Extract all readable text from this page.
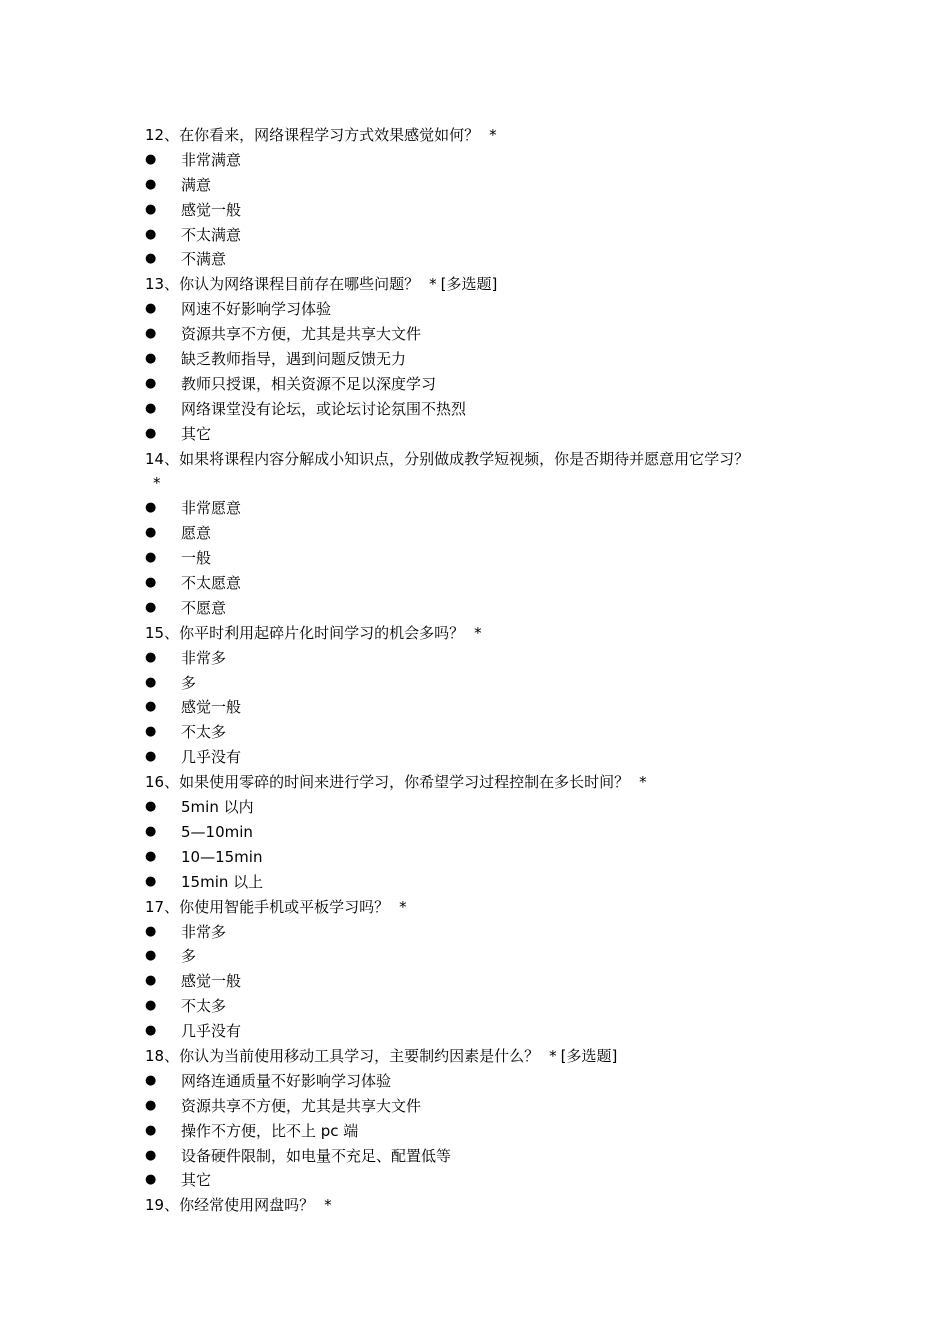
12、在你看来，网络课程学习方式效果感觉如何？ *
● 非常满意
● 满意
● 感觉一般
● 不太满意
● 不满意
13、你认为网络课程目前存在哪些问题？ * [多选题]
● 网速不好影响学习体验
● 资源共享不方便，尤其是共享大文件
● 缺乏教师指导，遇到问题反馈无力
● 教师只授课，相关资源不足以深度学习
● 网络课堂没有论坛，或论坛讨论氛围不热烈
● 其它
14、如果将课程内容分解成小知识点，分别做成教学短视频，你是否期待并愿意用它学习？
*
● 非常愿意
● 愿意
● 一般
● 不太愿意
● 不愿意
15、你平时利用起碎片化时间学习的机会多吗？ *
● 非常多
● 多
● 感觉一般
● 不太多
● 几乎没有
16、如果使用零碎的时间来进行学习，你希望学习过程控制在多长时间？ *
● 5min 以内
● 5—10min
● 10—15min
● 15min 以上
17、你使用智能手机或平板学习吗？ *
● 非常多
● 多
● 感觉一般
● 不太多
● 几乎没有
18、你认为当前使用移动工具学习，主要制约因素是什么？ * [多选题]
● 网络连通质量不好影响学习体验
● 资源共享不方便，尤其是共享大文件
● 操作不方便，比不上 pc 端
● 设备硬件限制，如电量不充足、配置低等
● 其它
19、你经常使用网盘吗？ *
